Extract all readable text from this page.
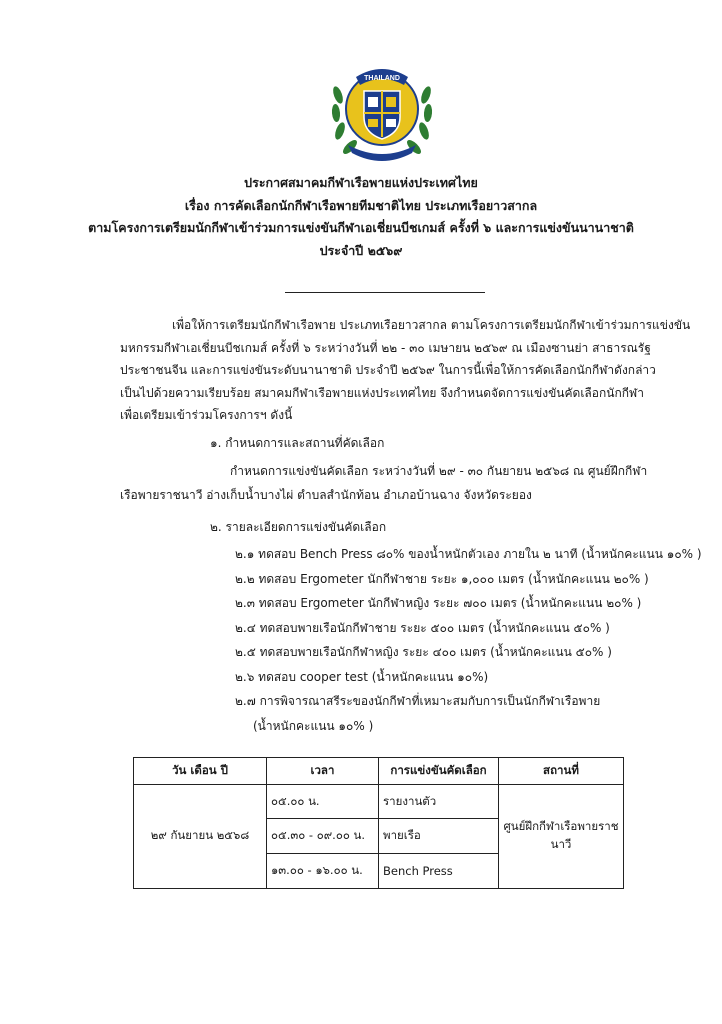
THAILAND
ประกาศสมาคมกีฬาเรือพายแห่งประเทศไทย
เรื่อง การคัดเลือกนักกีฬาเรือพายทีมชาติไทย ประเภทเรือยาวสากล
ตามโครงการเตรียมนักกีฬาเข้าร่วมการแข่งขันกีฬาเอเชี่ยนบีชเกมส์ ครั้งที่ ๖ และการแข่งขันนานาชาติ
ประจำปี ๒๕๖๙
เพื่อให้การเตรียมนักกีฬาเรือพาย ประเภทเรือยาวสากล ตามโครงการเตรียมนักกีฬาเข้าร่วมการแข่งขัน
มหกรรมกีฬาเอเชี่ยนบีชเกมส์ ครั้งที่ ๖ ระหว่างวันที่ ๒๒ - ๓๐ เมษายน ๒๕๖๙ ณ เมืองซานย่า สาธารณรัฐ
ประชาชนจีน และการแข่งขันระดับนานาชาติ ประจำปี ๒๕๖๙ ในการนี้เพื่อให้การคัดเลือกนักกีฬาดังกล่าว
เป็นไปด้วยความเรียบร้อย สมาคมกีฬาเรือพายแห่งประเทศไทย จึงกำหนดจัดการแข่งขันคัดเลือกนักกีฬา
เพื่อเตรียมเข้าร่วมโครงการฯ ดังนี้
๑. กำหนดการและสถานที่คัดเลือก
กำหนดการแข่งขันคัดเลือก ระหว่างวันที่ ๒๙ - ๓๐ กันยายน ๒๕๖๘ ณ ศูนย์ฝึกกีฬา
เรือพายราชนาวี อ่างเก็บน้ำบางไผ่ ตำบลสำนักท้อน อำเภอบ้านฉาง จังหวัดระยอง
๒. รายละเอียดการแข่งขันคัดเลือก
๒.๑ ทดสอบ Bench Press ๘๐% ของน้ำหนักตัวเอง ภายใน ๒ นาที (น้ำหนักคะแนน ๑๐% )
๒.๒ ทดสอบ Ergometer นักกีฬาชาย ระยะ ๑,๐๐๐ เมตร (น้ำหนักคะแนน ๒๐% )
๒.๓ ทดสอบ Ergometer นักกีฬาหญิง ระยะ ๗๐๐ เมตร (น้ำหนักคะแนน ๒๐% )
๒.๔ ทดสอบพายเรือนักกีฬาชาย ระยะ ๕๐๐ เมตร (น้ำหนักคะแนน ๕๐% )
๒.๕ ทดสอบพายเรือนักกีฬาหญิง ระยะ ๔๐๐ เมตร (น้ำหนักคะแนน ๕๐% )
๒.๖ ทดสอบ cooper test (น้ำหนักคะแนน ๑๐%)
๒.๗ การพิจารณาสรีระของนักกีฬาที่เหมาะสมกับการเป็นนักกีฬาเรือพาย
(น้ำหนักคะแนน ๑๐% )
วัน เดือน ปี	เวลา	การแข่งขันคัดเลือก	สถานที่
๒๙ กันยายน ๒๕๖๘	๐๕.๐๐ น.	รายงานตัว	ศูนย์ฝึกกีฬาเรือพายราชนาวี
	๐๕.๓๐ - ๐๙.๐๐ น.	พายเรือ	
	๑๓.๐๐ - ๑๖.๐๐ น.	Bench Press	
